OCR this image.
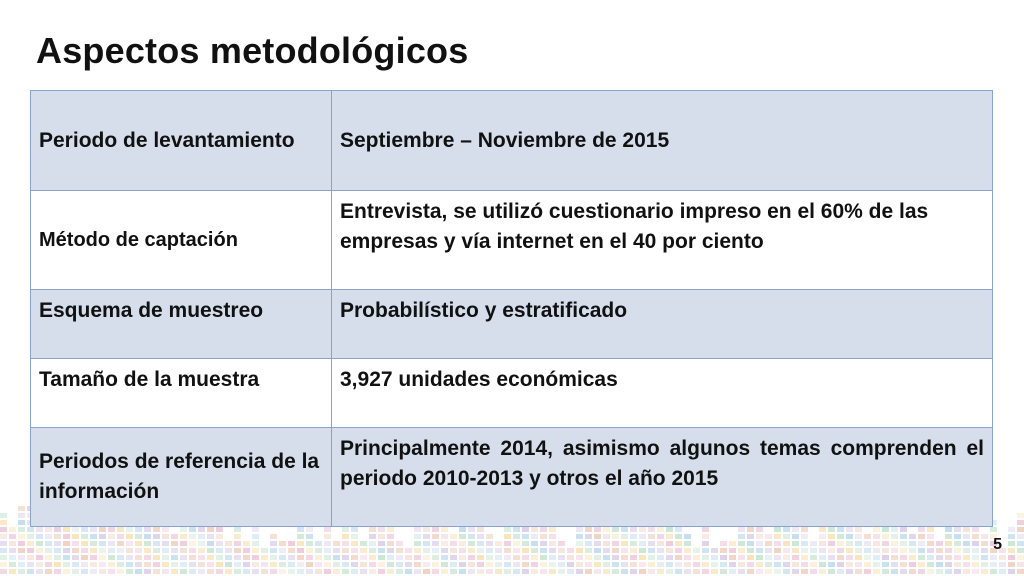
Aspectos metodológicos
Periodo de levantamiento	Septiembre – Noviembre de 2015
Método de captación	Entrevista, se utilizó cuestionario impreso en el 60% de las empresas y vía internet en el 40 por ciento
Esquema de muestreo	Probabilístico y estratificado
Tamaño de la muestra	3,927 unidades económicas
Periodos de referencia de la información	Principalmente 2014, asimismo algunos temas comprenden el periodo 2010-2013 y otros el año 2015
5
